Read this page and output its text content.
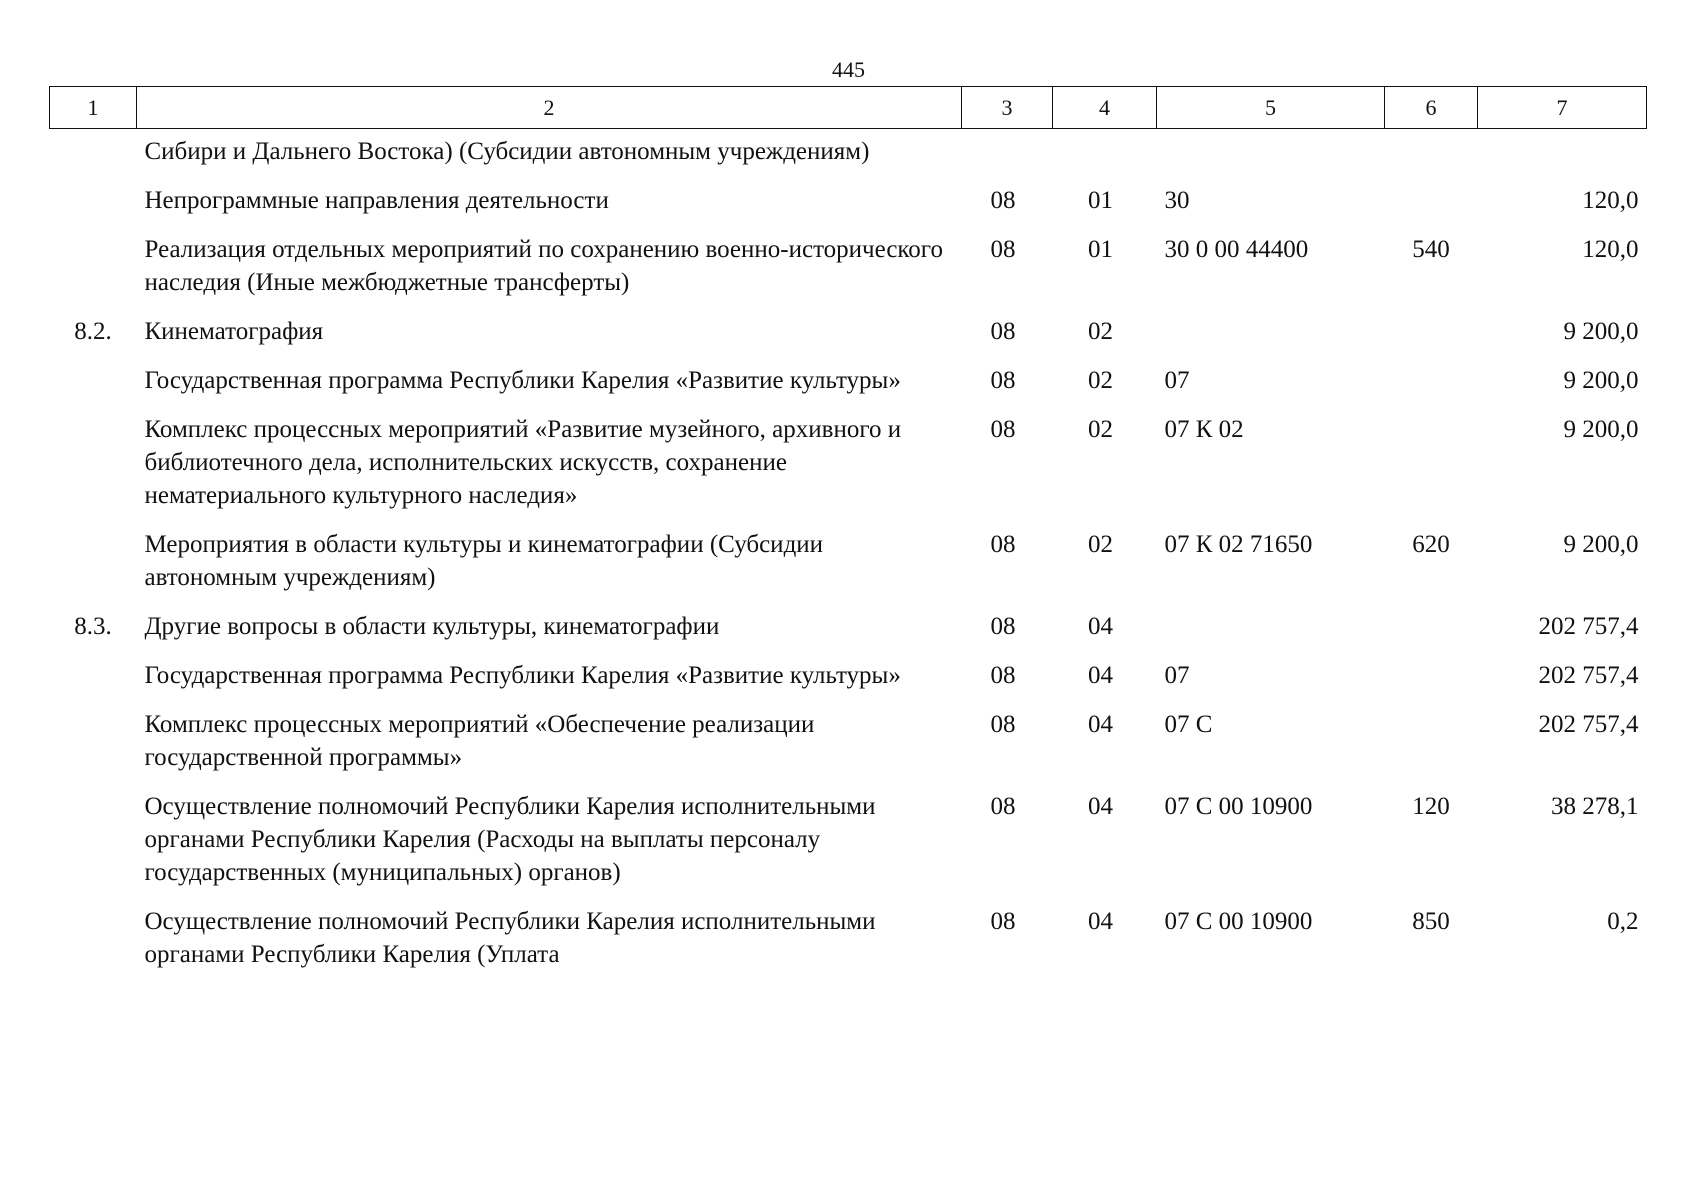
445
1	2	3	4	5	6	7
	Сибири и Дальнего Востока) (Субсидии автономным учреждениям)					
	Непрограммные направления деятельности	08	01	30		120,0
	Реализация отдельных мероприятий по сохранению военно-исторического наследия (Иные межбюджетные трансферты)	08	01	30 0 00 44400	540	120,0
8.2.	Кинематография	08	02			9 200,0
	Государственная программа Республики Карелия «Развитие культуры»	08	02	07		9 200,0
	Комплекс процессных мероприятий «Развитие музейного, архивного и библиотечного дела, исполнительских искусств, сохранение нематериального культурного наследия»	08	02	07 К 02		9 200,0
	Мероприятия в области культуры и кинематографии (Субсидии автономным учреждениям)	08	02	07 К 02 71650	620	9 200,0
8.3.	Другие вопросы в области культуры, кинематографии	08	04			202 757,4
	Государственная программа Республики Карелия «Развитие культуры»	08	04	07		202 757,4
	Комплекс процессных мероприятий «Обеспечение реализации государственной программы»	08	04	07 С		202 757,4
	Осуществление полномочий Республики Карелия исполнительными органами Республики Карелия (Расходы на выплаты персоналу государственных (муниципальных) органов)	08	04	07 С 00 10900	120	38 278,1
	Осуществление полномочий Республики Карелия исполнительными органами Республики Карелия (Уплата	08	04	07 С 00 10900	850	0,2
